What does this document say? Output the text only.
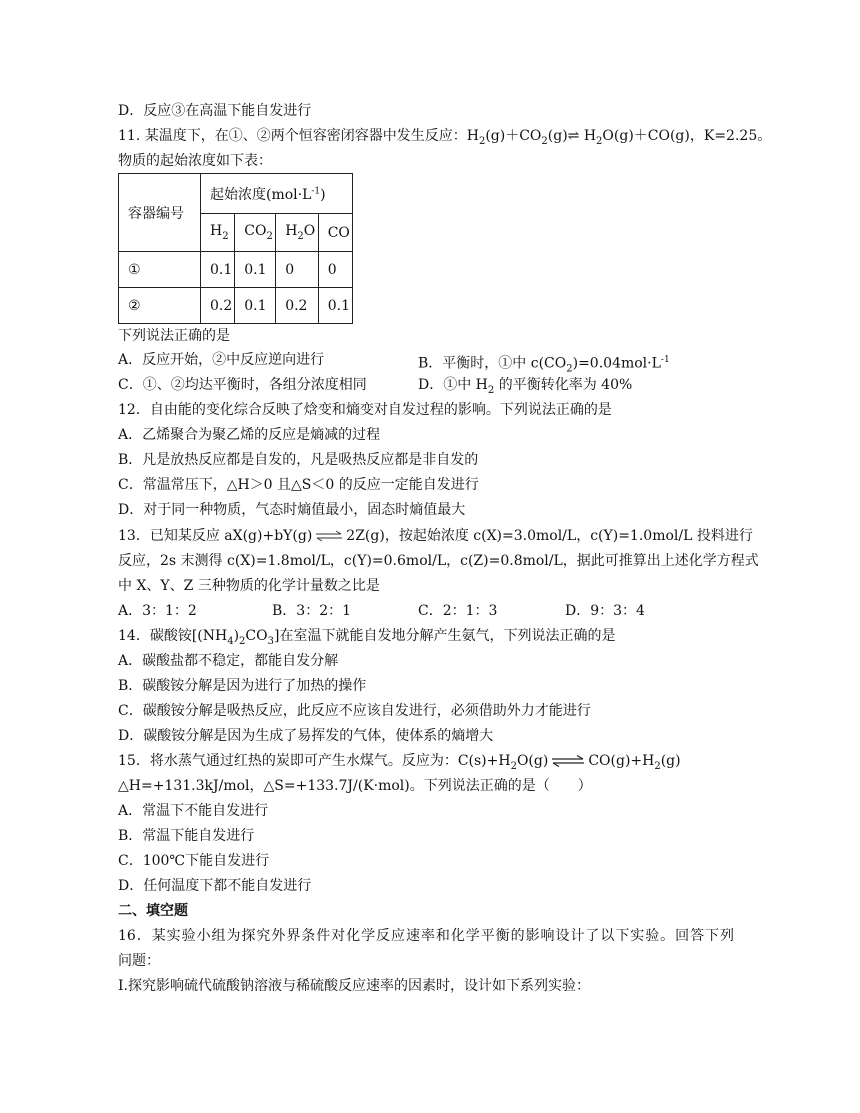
D．反应③在高温下能自发进行
11. 某温度下，在①、②两个恒容密闭容器中发生反应：$H_2(g)+CO_2(g)\rightleftharpoons$ $H_2O(g)+CO(g)$，K=2.25。
物质的起始浓度如下表：
容器编号	起始浓度$(mol\cdot L^{-1})$			
	$H_2$	$CO_2$	$H_2O$	CO
①	0.1	0.1	0	0
②	0.2	0.1	0.2	0.1
下列说法正确的是
A．反应开始，②中反应逆向进行	B．平衡时，①中 $c(CO_2)=0.04mol\cdot L^{-1}$
C．①、②均达平衡时，各组分浓度相同	D．①中 $H_2$ 的平衡转化率为 40%
12．自由能的变化综合反映了焓变和熵变对自发过程的影响。下列说法正确的是
A．乙烯聚合为聚乙烯的反应是熵减的过程
B．凡是放热反应都是自发的，凡是吸热反应都是非自发的
C．常温常压下，△H＞0 且△S＜0 的反应一定能自发进行
D．对于同一种物质，气态时熵值最小，固态时熵值最大
13．已知某反应 aX(g)+bY(g) ⇌ 2Z(g)，按起始浓度 c(X)=3.0mol/L，c(Y)=1.0mol/L 投料进行
反应，2s 末测得 c(X)=1.8mol/L，c(Y)=0.6mol/L，c(Z)=0.8mol/L，据此可推算出上述化学方程式
中 X、Y、Z 三种物质的化学计量数之比是
A．3：1：2	B．3：2：1	C．2：1：3	D．9：3：4
14．碳酸铵$[(NH_4)_2CO_3]$在室温下就能自发地分解产生氨气，下列说法正确的是
A．碳酸盐都不稳定，都能自发分解
B．碳酸铵分解是因为进行了加热的操作
C．碳酸铵分解是吸热反应，此反应不应该自发进行，必须借助外力才能进行
D．碳酸铵分解是因为生成了易挥发的气体，使体系的熵增大
15．将水蒸气通过红热的炭即可产生水煤气。反应为：$C(s)+H_2O(g)$ ⇌ $CO(g)+H_2(g)$
△H=+131.3kJ/mol，△S=+133.7J/(K·mol)。下列说法正确的是（　　）
A．常温下不能自发进行
B．常温下能自发进行
C．100℃下能自发进行
D．任何温度下都不能自发进行
二、填空题
16．某实验小组为探究外界条件对化学反应速率和化学平衡的影响设计了以下实验。回答下列
问题：
I.探究影响硫代硫酸钠溶液与稀硫酸反应速率的因素时，设计如下系列实验：
